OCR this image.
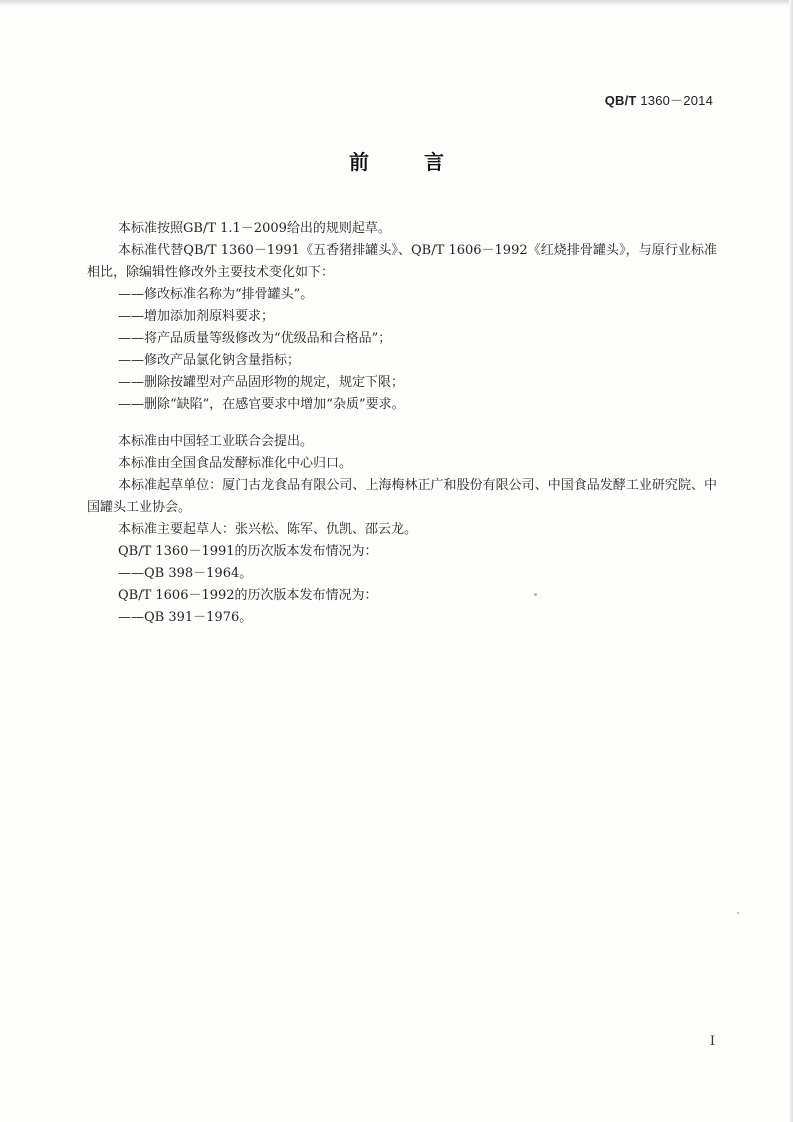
QB/T 1360－2014
前 言

本标准按照GB/T 1.1－2009给出的规则起草。

本标准代替QB/T 1360－1991《五香猪排罐头》、QB/T 1606－1992《红烧排骨罐头》，与原行业标准相比，除编辑性修改外主要技术变化如下：

——修改标准名称为“排骨罐头”。

——增加添加剂原料要求；

——将产品质量等级修改为“优级品和合格品”；

——修改产品氯化钠含量指标；

——删除按罐型对产品固形物的规定，规定下限；

——删除“缺陷”，在感官要求中增加“杂质”要求。

本标准由中国轻工业联合会提出。

本标准由全国食品发酵标准化中心归口。

本标准起草单位：厦门古龙食品有限公司、上海梅林正广和股份有限公司、中国食品发酵工业研究院、中国罐头工业协会。

本标准主要起草人：张兴松、陈军、仇凯、邵云龙。

QB/T 1360－1991的历次版本发布情况为：

——QB 398－1964。

QB/T 1606－1992的历次版本发布情况为：

——QB 391－1976。

I
